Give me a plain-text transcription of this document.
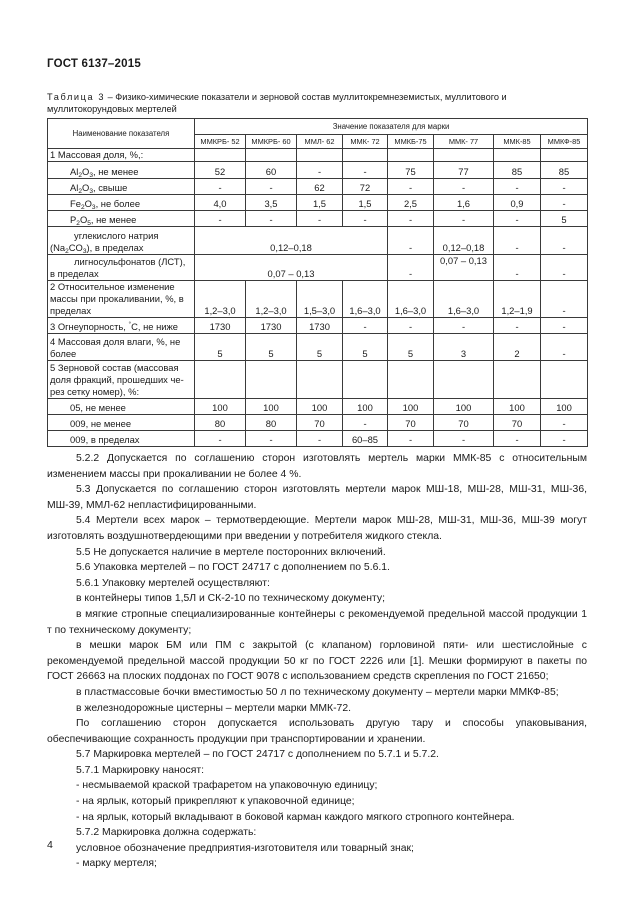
ГОСТ 6137–2015
Таблица 3 – Физико-химические показатели и зерновой состав муллитокремнеземистых, муллитового и муллитокорундовых мертелей
Наименование показателя	Значение показателя для марки							
	ММКРБ- 52	ММКРБ- 60	ММЛ- 62	ММК- 72	ММКБ-75	ММК- 77	ММК-85	ММКФ-85
1 Массовая доля, %,:								
$Al_2O_3$, не менее	52	60	-	-	75	77	85	85
$Al_2O_3$, свыше	-	-	62	72	-	-	-	-
$Fe_2O_3$, не более	4,0	3,5	1,5	1,5	2,5	1,6	0,9	-
$P_2O_5$, не менее	-	-	-	-	-	-	-	5

углекислого натрия
$(Na_2CO_3)$, в пределах	0,12–0,18				-	0,12–0,18	-	-

лигносульфонатов (ЛСТ),
в пределах	0,07 – 0,13				-	0,07 – 0,13	-	-

2 Относительное изменение
массы при прокаливании, %, в
пределах	1,2–3,0	1,2–3,0	1,5–3,0	1,6–3,0	1,6–3,0	1,6–3,0	1,2–1,9	-
3 Огнеупорность, °С, не ниже	1730	1730	1730	-	-	-	-	-

4 Массовая доля влаги, %, не
более	5	5	5	5	5	3	2	-

5 Зерновой состав (массовая
доля фракций, прошедших че-
рез сетку номер), %:								

05, не менее	100	100	100	100	100	100	100	100
009, не менее	80	80	70	-	70	70	70	-
009, в пределах	-	-	-	60–85	-	-	-	-

5.2.2 Допускается по соглашению сторон изготовлять мертель марки ММК-85 с относительным изменением массы при прокаливании не более 4 %.

5.3 Допускается по соглашению сторон изготовлять мертели марок МШ-18, МШ-28, МШ-31, МШ-36, МШ-39, ММЛ-62 непластифицированными.

5.4 Мертели всех марок – термотвердеющие. Мертели марок МШ-28, МШ-31, МШ-36, МШ-39 могут изготовлять воздушнотвердеющими при введении у потребителя жидкого стекла.

5.5 Не допускается наличие в мертеле посторонних включений.

5.6 Упаковка мертелей – по ГОСТ 24717 с дополнением по 5.6.1.

5.6.1 Упаковку мертелей осуществляют:

в контейнеры типов 1,5Л и СК-2-10 по техническому документу;

в мягкие стропные специализированные контейнеры с рекомендуемой предельной массой продукции 1 т по техническому документу;

в мешки марок БМ или ПМ с закрытой (с клапаном) горловиной пяти- или шестислойные с рекомендуемой предельной массой продукции 50 кг по ГОСТ 2226 или [1]. Мешки формируют в пакеты по ГОСТ 26663 на плоских поддонах по ГОСТ 9078 с использованием средств скрепления по ГОСТ 21650;

в пластмассовые бочки вместимостью 50 л по техническому документу – мертели марки ММКФ-85;

в железнодорожные цистерны – мертели марки ММК-72.

По соглашению сторон допускается использовать другую тару и способы упаковывания, обеспечивающие сохранность продукции при транспортировании и хранении.

5.7 Маркировка мертелей – по ГОСТ 24717 с дополнением по 5.7.1 и 5.7.2.

5.7.1 Маркировку наносят:

- несмываемой краской трафаретом на упаковочную единицу;

- на ярлык, который прикрепляют к упаковочной единице;

- на ярлык, который вкладывают в боковой карман каждого мягкого стропного контейнера.

5.7.2 Маркировка должна содержать:

условное обозначение предприятия-изготовителя или товарный знак;

- марку мертеля;

4
